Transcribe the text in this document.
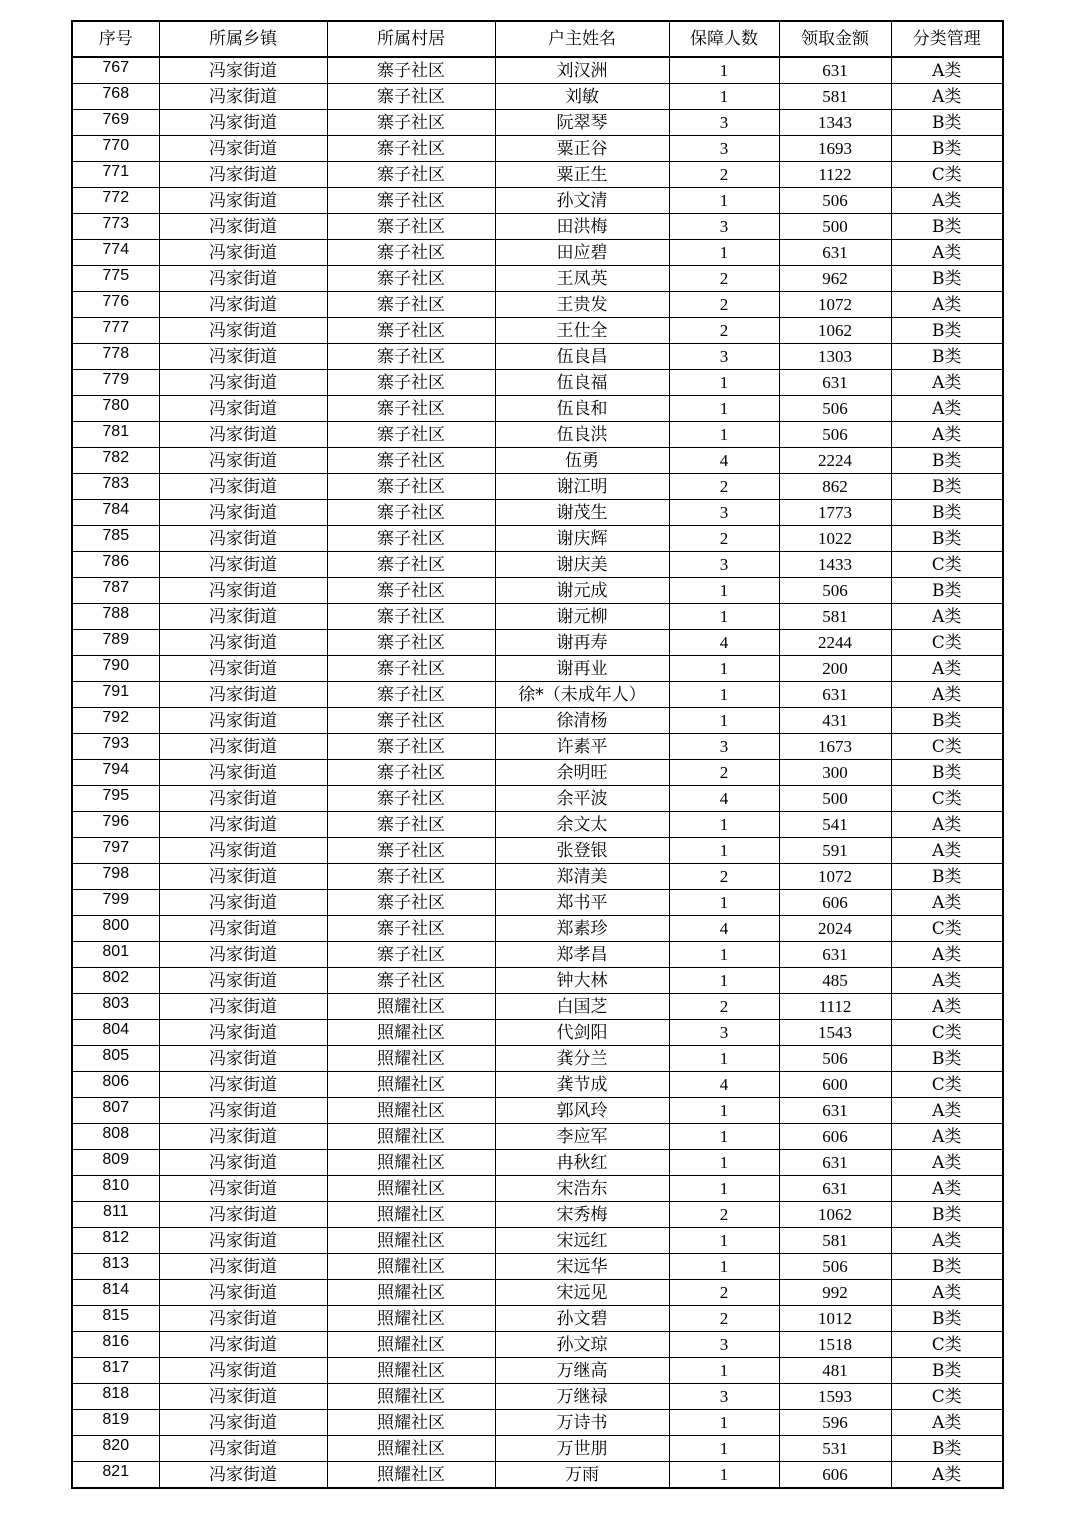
序号	所属乡镇	所属村居	户主姓名	保障人数	领取金额	分类管理
767	冯家街道	寨子社区	刘汉洲	1	631	A类
768	冯家街道	寨子社区	刘敏	1	581	A类
769	冯家街道	寨子社区	阮翠琴	3	1343	B类
770	冯家街道	寨子社区	粟正谷	3	1693	B类
771	冯家街道	寨子社区	粟正生	2	1122	C类
772	冯家街道	寨子社区	孙文清	1	506	A类
773	冯家街道	寨子社区	田洪梅	3	500	B类
774	冯家街道	寨子社区	田应碧	1	631	A类
775	冯家街道	寨子社区	王凤英	2	962	B类
776	冯家街道	寨子社区	王贵发	2	1072	A类
777	冯家街道	寨子社区	王仕全	2	1062	B类
778	冯家街道	寨子社区	伍良昌	3	1303	B类
779	冯家街道	寨子社区	伍良福	1	631	A类
780	冯家街道	寨子社区	伍良和	1	506	A类
781	冯家街道	寨子社区	伍良洪	1	506	A类
782	冯家街道	寨子社区	伍勇	4	2224	B类
783	冯家街道	寨子社区	谢江明	2	862	B类
784	冯家街道	寨子社区	谢茂生	3	1773	B类
785	冯家街道	寨子社区	谢庆辉	2	1022	B类
786	冯家街道	寨子社区	谢庆美	3	1433	C类
787	冯家街道	寨子社区	谢元成	1	506	B类
788	冯家街道	寨子社区	谢元柳	1	581	A类
789	冯家街道	寨子社区	谢再寿	4	2244	C类
790	冯家街道	寨子社区	谢再业	1	200	A类
791	冯家街道	寨子社区	徐*（未成年人）	1	631	A类
792	冯家街道	寨子社区	徐清杨	1	431	B类
793	冯家街道	寨子社区	许素平	3	1673	C类
794	冯家街道	寨子社区	余明旺	2	300	B类
795	冯家街道	寨子社区	余平波	4	500	C类
796	冯家街道	寨子社区	余文太	1	541	A类
797	冯家街道	寨子社区	张登银	1	591	A类
798	冯家街道	寨子社区	郑清美	2	1072	B类
799	冯家街道	寨子社区	郑书平	1	606	A类
800	冯家街道	寨子社区	郑素珍	4	2024	C类
801	冯家街道	寨子社区	郑孝昌	1	631	A类
802	冯家街道	寨子社区	钟大林	1	485	A类
803	冯家街道	照耀社区	白国芝	2	1112	A类
804	冯家街道	照耀社区	代剑阳	3	1543	C类
805	冯家街道	照耀社区	龚分兰	1	506	B类
806	冯家街道	照耀社区	龚节成	4	600	C类
807	冯家街道	照耀社区	郭风玲	1	631	A类
808	冯家街道	照耀社区	李应军	1	606	A类
809	冯家街道	照耀社区	冉秋红	1	631	A类
810	冯家街道	照耀社区	宋浩东	1	631	A类
811	冯家街道	照耀社区	宋秀梅	2	1062	B类
812	冯家街道	照耀社区	宋远红	1	581	A类
813	冯家街道	照耀社区	宋远华	1	506	B类
814	冯家街道	照耀社区	宋远见	2	992	A类
815	冯家街道	照耀社区	孙文碧	2	1012	B类
816	冯家街道	照耀社区	孙文琼	3	1518	C类
817	冯家街道	照耀社区	万继高	1	481	B类
818	冯家街道	照耀社区	万继禄	3	1593	C类
819	冯家街道	照耀社区	万诗书	1	596	A类
820	冯家街道	照耀社区	万世朋	1	531	B类
821	冯家街道	照耀社区	万雨	1	606	A类
